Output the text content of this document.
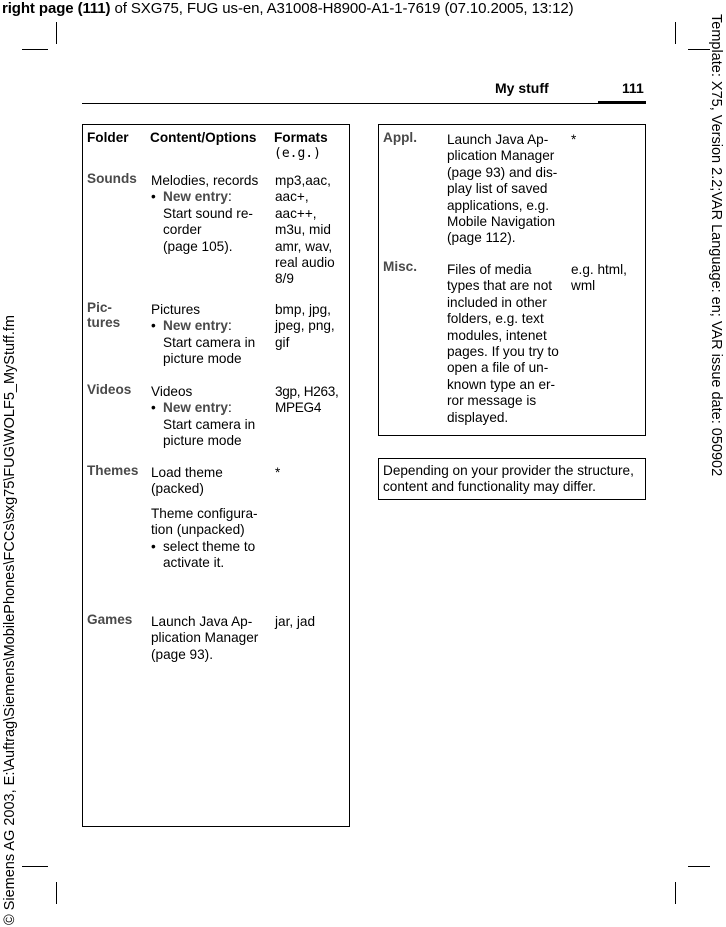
right page (111) of SXG75, FUG us-en, A31008-H8900-A1-1-7619 (07.10.2005, 13:12)
© Siemens AG 2003, E:\Auftrag\Siemens\MobilePhones\FCCs\sxg75\FUG\WOLF5_MyStuff.fm
Template: X75, Version 2.2;VAR Language: en; VAR issue date: 050902
My stuff	111
Folder Content/Options Formats
(e.g.)
Sounds Melodies, records
• New entry:
Start sound re-
corder
(page 105).
mp3,aac,
aac+,
aac++,
m3u, mid
amr, wav,
real audio
8/9
Pic-
tures
Pictures
• New entry:
Start camera in
picture mode
bmp, jpg,
jpeg, png,
gif
Videos Videos
• New entry:
Start camera in
picture mode
3gp, H263,
MPEG4
Themes Load theme
(packed)
Theme configura-
tion (unpacked)
• select theme to
activate it.
*
Games Launch Java Ap-
plication Manager
(page 93).
jar, jad
Appl. Launch Java Ap-
plication Manager
(page 93) and dis-
play list of saved
applications, e.g.
Mobile Navigation
(page 112).
*
Misc. Files of media
types that are not
included in other
folders, e.g. text
modules, intenet
pages. If you try to
open a file of un-
known type an er-
ror message is
displayed.
e.g. html,
wml
Depending on your provider the structure,
content and functionality may differ.
